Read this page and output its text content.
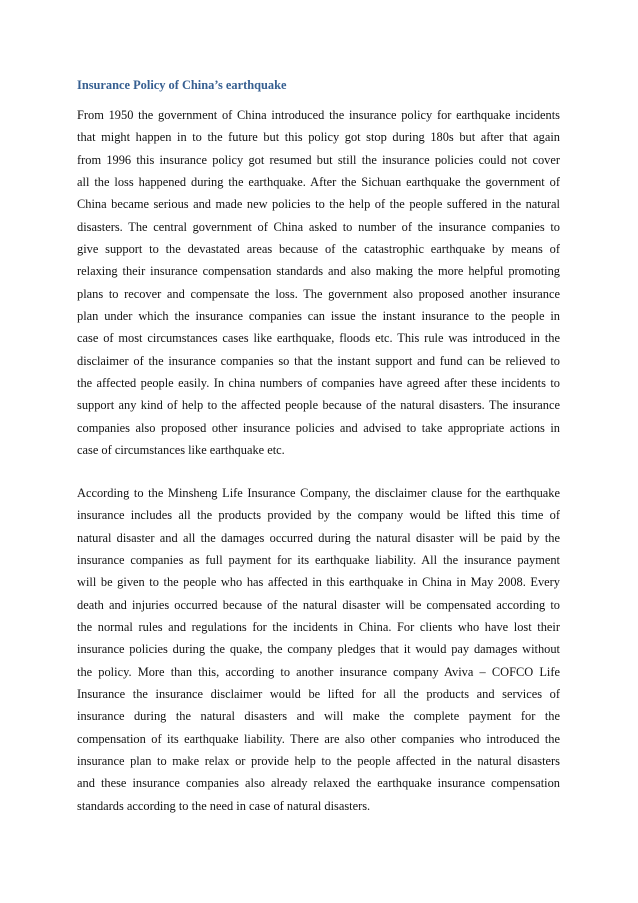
Insurance Policy of China’s earthquake

From 1950 the government of China introduced the insurance policy for earthquake incidents
that might happen in to the future but this policy got stop during 180s but after that again
from 1996 this insurance policy got resumed but still the insurance policies could not cover
all the loss happened during the earthquake. After the Sichuan earthquake the government of
China became serious and made new policies to the help of the people suffered in the natural
disasters. The central government of China asked to number of the insurance companies to
give support to the devastated areas because of the catastrophic earthquake by means of
relaxing their insurance compensation standards and also making the more helpful promoting
plans to recover and compensate the loss. The government also proposed another insurance
plan under which the insurance companies can issue the instant insurance to the people in
case of most circumstances cases like earthquake, floods etc. This rule was introduced in the
disclaimer of the insurance companies so that the instant support and fund can be relieved to
the affected people easily. In china numbers of companies have agreed after these incidents to
support any kind of help to the affected people because of the natural disasters. The insurance
companies also proposed other insurance policies and advised to take appropriate actions in
case of circumstances like earthquake etc.

According to the Minsheng Life Insurance Company, the disclaimer clause for the earthquake
insurance includes all the products provided by the company would be lifted this time of
natural disaster and all the damages occurred during the natural disaster will be paid by the
insurance companies as full payment for its earthquake liability. All the insurance payment
will be given to the people who has affected in this earthquake in China in May 2008. Every
death and injuries occurred because of the natural disaster will be compensated according to
the normal rules and regulations for the incidents in China. For clients who have lost their
insurance policies during the quake, the company pledges that it would pay damages without
the policy. More than this, according to another insurance company Aviva – COFCO Life
Insurance the insurance disclaimer would be lifted for all the products and services of
insurance during the natural disasters and will make the complete payment for the
compensation of its earthquake liability. There are also other companies who introduced the
insurance plan to make relax or provide help to the people affected in the natural disasters
and these insurance companies also already relaxed the earthquake insurance compensation
standards according to the need in case of natural disasters.
